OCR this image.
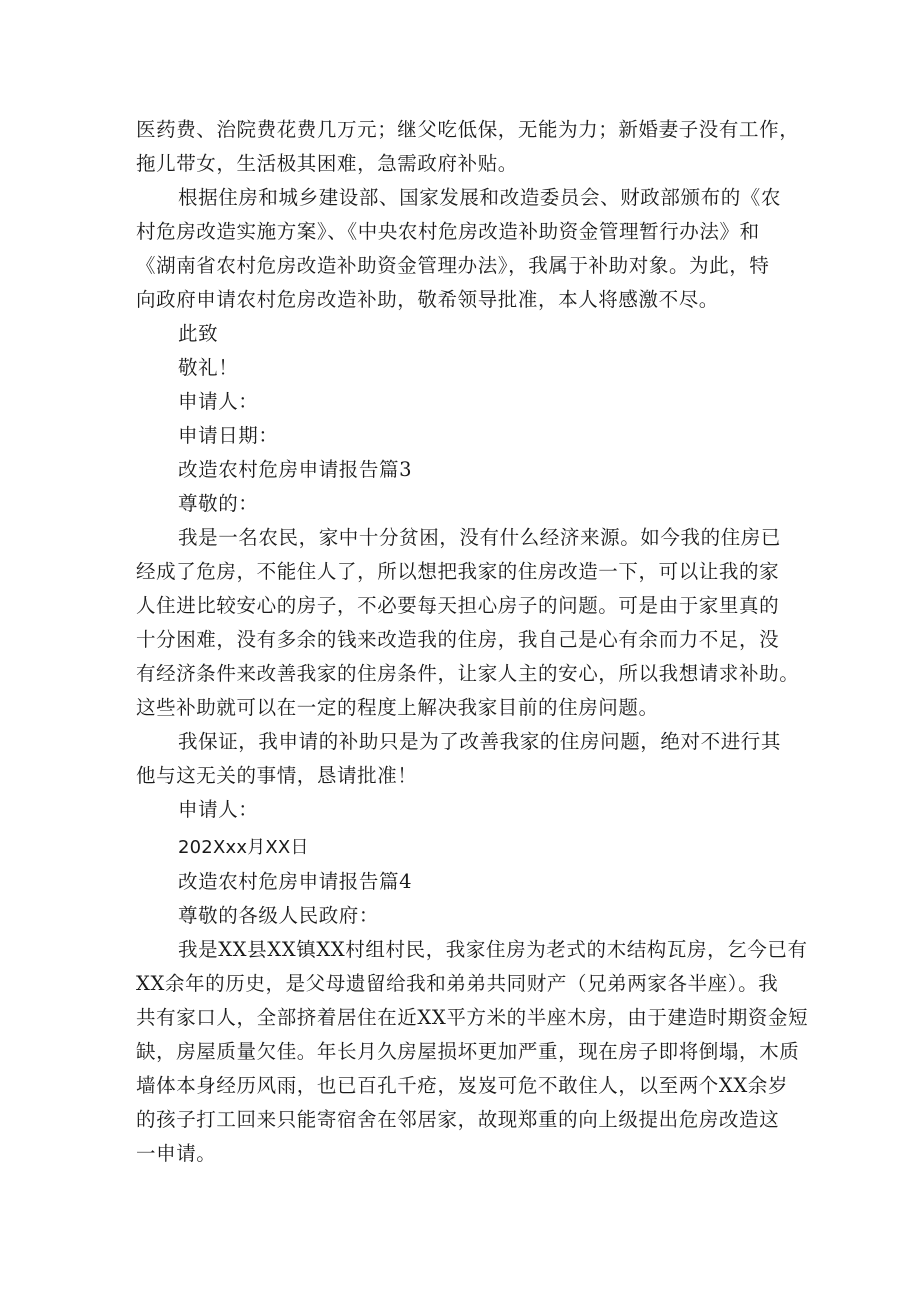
医药费、治院费花费几万元；继父吃低保，无能为力；新婚妻子没有工作，
拖儿带女，生活极其困难，急需政府补贴。
根据住房和城乡建设部、国家发展和改造委员会、财政部颁布的《农
村危房改造实施方案》、《中央农村危房改造补助资金管理暂行办法》和
《湖南省农村危房改造补助资金管理办法》，我属于补助对象。为此，特
向政府申请农村危房改造补助，敬希领导批准，本人将感激不尽。
此致
敬礼！
申请人：
申请日期：
改造农村危房申请报告篇3
尊敬的：
我是一名农民，家中十分贫困，没有什么经济来源。如今我的住房已
经成了危房，不能住人了，所以想把我家的住房改造一下，可以让我的家
人住进比较安心的房子，不必要每天担心房子的问题。可是由于家里真的
十分困难，没有多余的钱来改造我的住房，我自己是心有余而力不足，没
有经济条件来改善我家的住房条件，让家人主的安心，所以我想请求补助。
这些补助就可以在一定的程度上解决我家目前的住房问题。
我保证，我申请的补助只是为了改善我家的住房问题，绝对不进行其
他与这无关的事情，恳请批准！
申请人：
202Xxx月XX日
改造农村危房申请报告篇4
尊敬的各级人民政府：
我是XX县XX镇XX村组村民，我家住房为老式的木结构瓦房，乞今已有
XX余年的历史，是父母遗留给我和弟弟共同财产（兄弟两家各半座）。我
共有家口人，全部挤着居住在近XX平方米的半座木房，由于建造时期资金短
缺，房屋质量欠佳。年长月久房屋损坏更加严重，现在房子即将倒塌，木质
墙体本身经历风雨，也已百孔千疮，岌岌可危不敢住人，以至两个XX余岁
的孩子打工回来只能寄宿舍在邻居家，故现郑重的向上级提出危房改造这
一申请。
